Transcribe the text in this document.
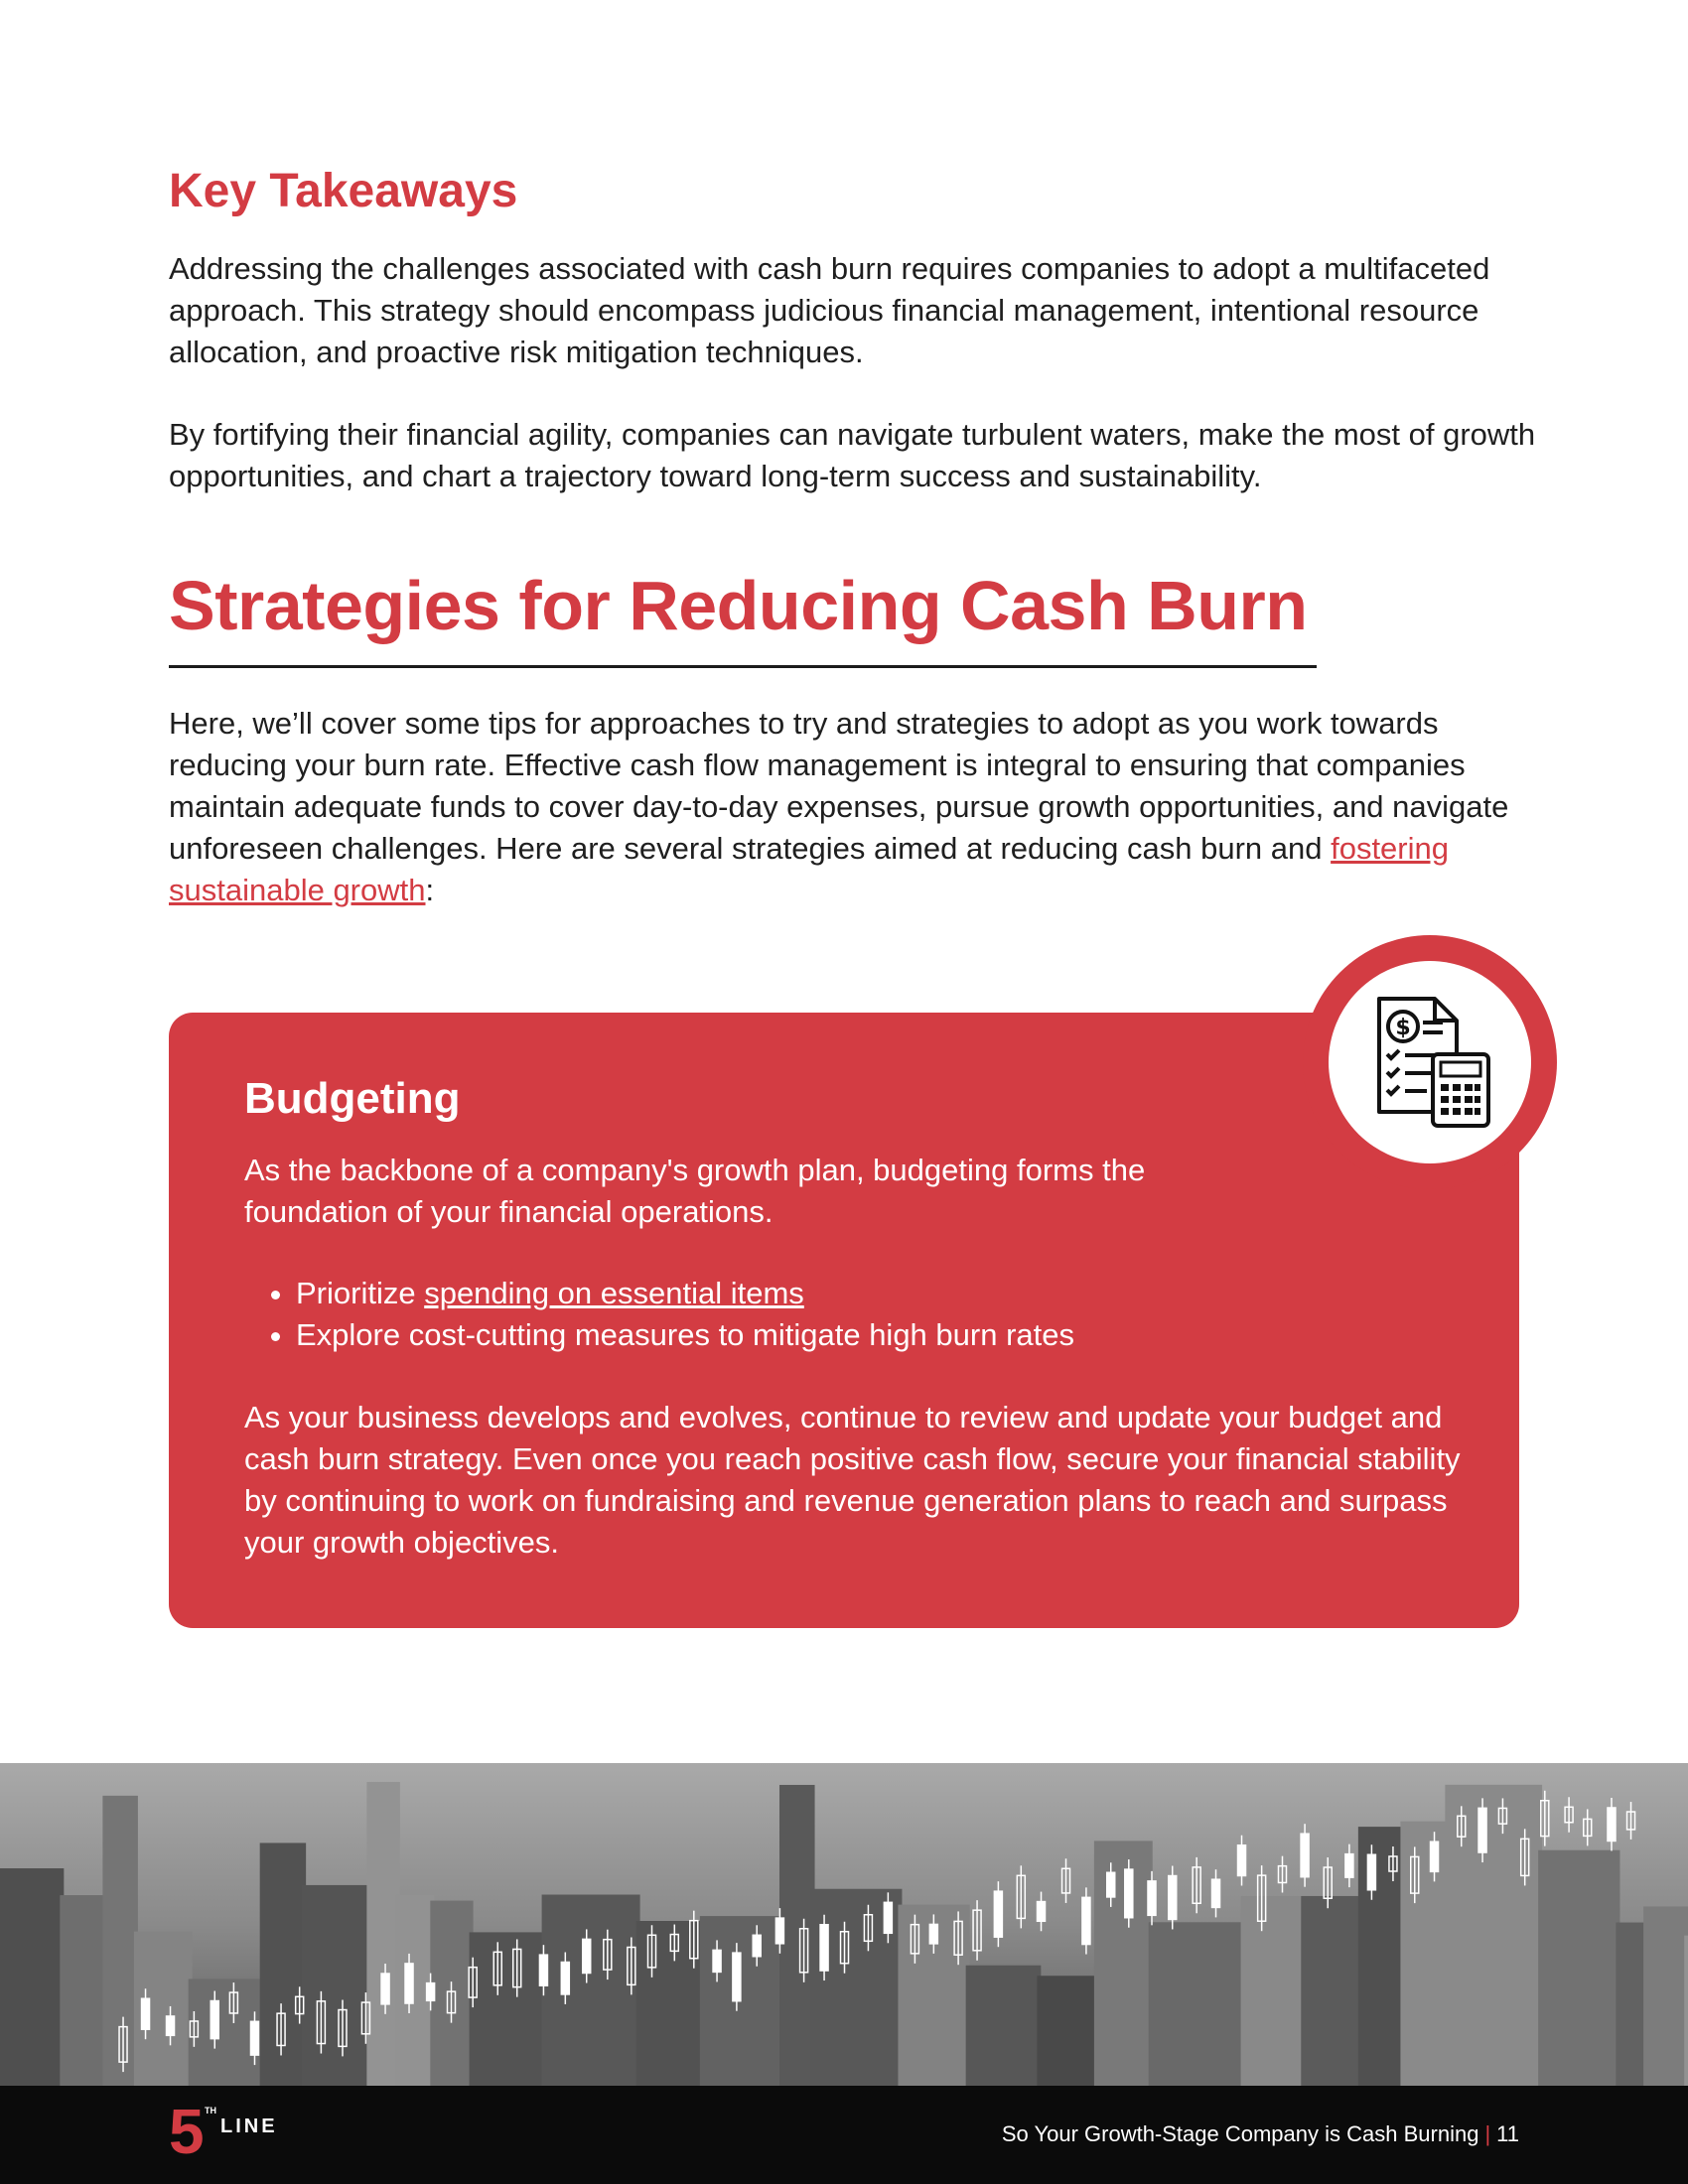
Key Takeaways

Addressing the challenges associated with cash burn requires companies to adopt a multifaceted approach. This strategy should encompass judicious financial management, intentional resource allocation, and proactive risk mitigation techniques.

By fortifying their financial agility, companies can navigate turbulent waters, make the most of growth opportunities, and chart a trajectory toward long-term success and sustainability.

Strategies for Reducing Cash Burn

Here, we’ll cover some tips for approaches to try and strategies to adopt as you work towards reducing your burn rate. Effective cash flow management is integral to ensuring that companies maintain adequate funds to cover day-to-day expenses, pursue growth opportunities, and navigate unforeseen challenges. Here are several strategies aimed at reducing cash burn and fostering sustainable growth:

Budgeting

As the backbone of a company's growth plan, budgeting forms the foundation of your financial operations.

• Prioritize spending on essential items
• Explore cost-cutting measures to mitigate high burn rates

As your business develops and evolves, continue to review and update your budget and cash burn strategy. Even once you reach positive cash flow, secure your financial stability by continuing to work on fundraising and revenue generation plans to reach and surpass your growth objectives.

$
5 TH
LINE	So Your Growth-Stage Company is Cash Burning | 11
